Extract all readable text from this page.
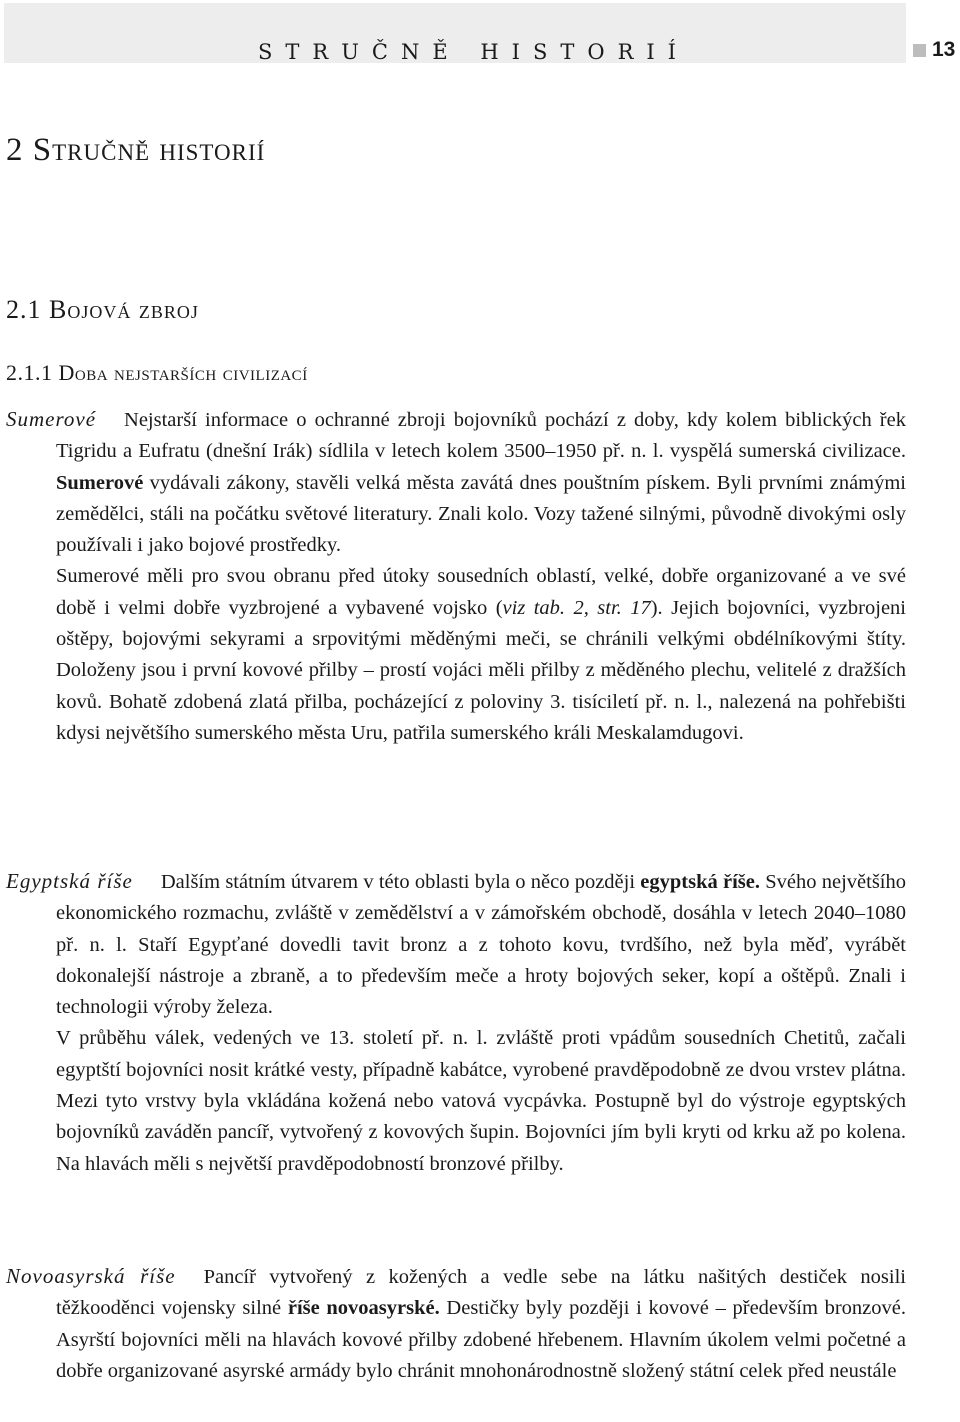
STRUČNĚ HISTORIÍ	13
2 Stručně historií
2.1 Bojová zbroj
2.1.1 Doba nejstarších civilizací

Sumerové Nejstarší informace o ochranné zbroji bojovníků pochází z doby, kdy kolem biblických řek Tigridu a Eufratu (dnešní Irák) sídlila v letech kolem 3500–1950 př. n. l. vyspělá sumerská civilizace. Sumerové vydávali zákony, stavěli velká města zavátá dnes pouštním pískem. Byli prvními známými zemědělci, stáli na počátku světové literatury. Znali kolo. Vozy tažené silnými, původně divokými osly používali i jako bojové prostředky.

Sumerové měli pro svou obranu před útoky sousedních oblastí, velké, dobře organizované a ve své době i velmi dobře vyzbrojené a vybavené vojsko (viz tab. 2, str. 17). Jejich bojovníci, vyzbrojeni oštěpy, bojovými sekyrami a srpovitými měděnými meči, se chránili velkými obdélníkovými štíty. Doloženy jsou i první kovové přilby – prostí vojáci měli přilby z měděného plechu, velitelé z dražších kovů. Bohatě zdobená zlatá přilba, pocházející z poloviny 3. tisíciletí př. n. l., nalezená na pohřebišti kdysi největšího sumerského města Uru, patřila sumerského králi Meskalamdugovi.

Egyptská říše Dalším státním útvarem v této oblasti byla o něco později egyptská říše. Svého největšího ekonomického rozmachu, zvláště v zemědělství a v zámořském obchodě, dosáhla v letech 2040–1080 př. n. l. Staří Egypťané dovedli tavit bronz a z tohoto kovu, tvrdšího, než byla měď, vyrábět dokonalejší nástroje a zbraně, a to především meče a hroty bojových seker, kopí a oštěpů. Znali i technologii výroby železa.

V průběhu válek, vedených ve 13. století př. n. l. zvláště proti vpádům sousedních Chetitů, začali egyptští bojovníci nosit krátké vesty, případně kabátce, vyrobené pravděpodobně ze dvou vrstev plátna. Mezi tyto vrstvy byla vkládána kožená nebo vatová vycpávka. Postupně byl do výstroje egyptských bojovníků zaváděn pancíř, vytvořený z kovových šupin. Bojovníci jím byli kryti od krku až po kolena. Na hlavách měli s největší pravděpodobností bronzové přilby.

Novoasyrská říše Pancíř vytvořený z kožených a vedle sebe na látku našitých destiček nosili těžkooděnci vojensky silné říše novoasyrské. Destičky byly později i kovové – především bronzové. Asyrští bojovníci měli na hlavách kovové přilby zdobené hřebenem. Hlavním úkolem velmi početné a dobře organizované asyrské armády bylo chránit mnohonárodnostně složený státní celek před neustále
